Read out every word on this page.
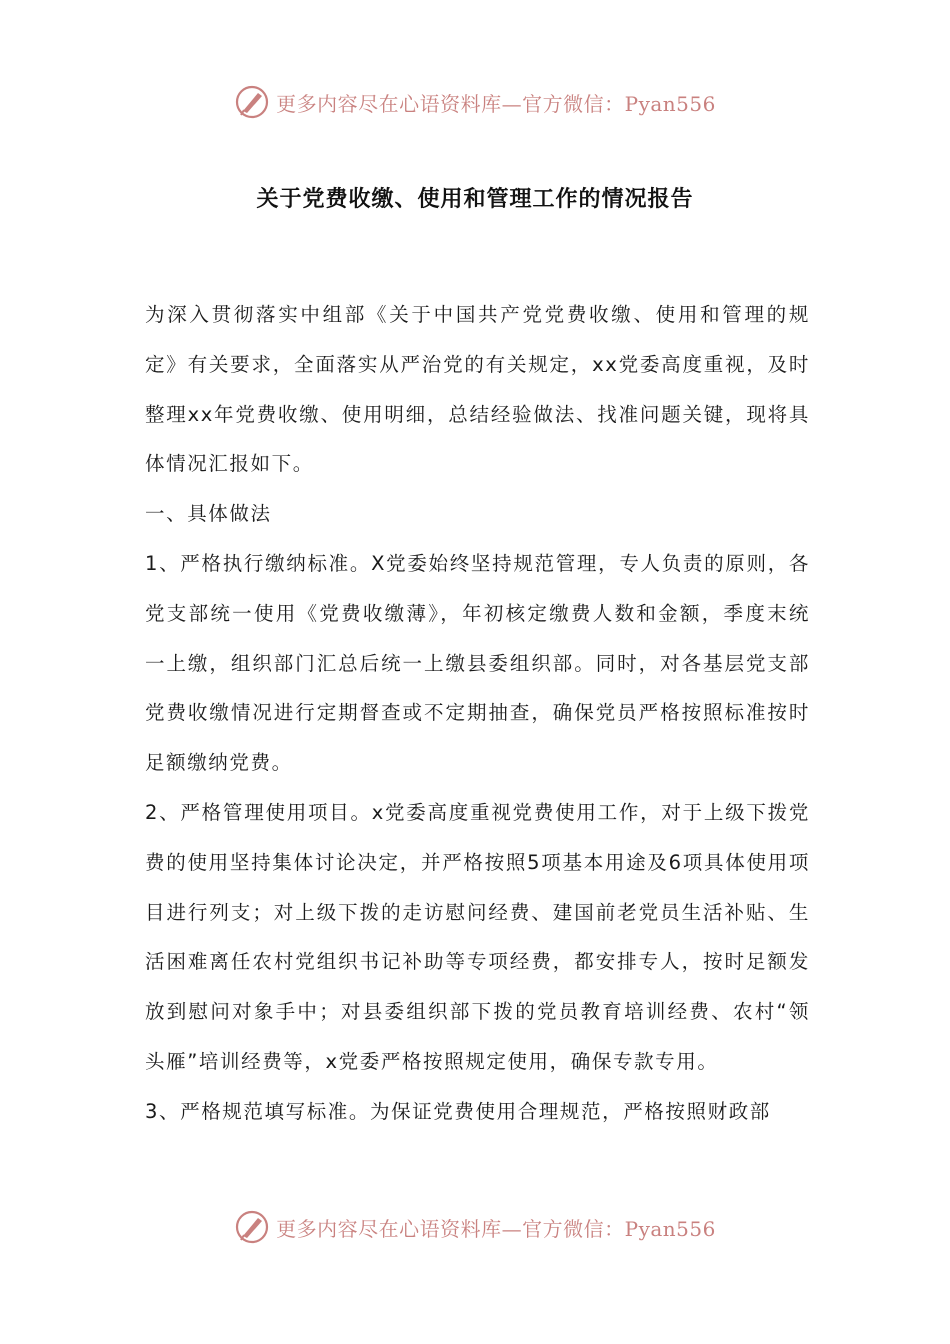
更多内容尽在心语资料库—官方微信：Pyan556
关于党费收缴、使用和管理工作的情况报告

为深入贯彻落实中组部《关于中国共产党党费收缴、使用和管理的规定》有关要求，全面落实从严治党的有关规定，xx党委高度重视，及时整理xx年党费收缴、使用明细，总结经验做法、找准问题关键，现将具体情况汇报如下。

一、具体做法

1、严格执行缴纳标准。X党委始终坚持规范管理，专人负责的原则，各党支部统一使用《党费收缴薄》，年初核定缴费人数和金额，季度末统一上缴，组织部门汇总后统一上缴县委组织部。同时，对各基层党支部党费收缴情况进行定期督查或不定期抽查，确保党员严格按照标准按时足额缴纳党费。

2、严格管理使用项目。x党委高度重视党费使用工作，对于上级下拨党费的使用坚持集体讨论决定，并严格按照5项基本用途及6项具体使用项目进行列支；对上级下拨的走访慰问经费、建国前老党员生活补贴、生活困难离任农村党组织书记补助等专项经费，都安排专人，按时足额发放到慰问对象手中；对县委组织部下拨的党员教育培训经费、农村“领头雁”培训经费等，x党委严格按照规定使用，确保专款专用。

3、严格规范填写标准。为保证党费使用合理规范，严格按照财政部

更多内容尽在心语资料库—官方微信：Pyan556
